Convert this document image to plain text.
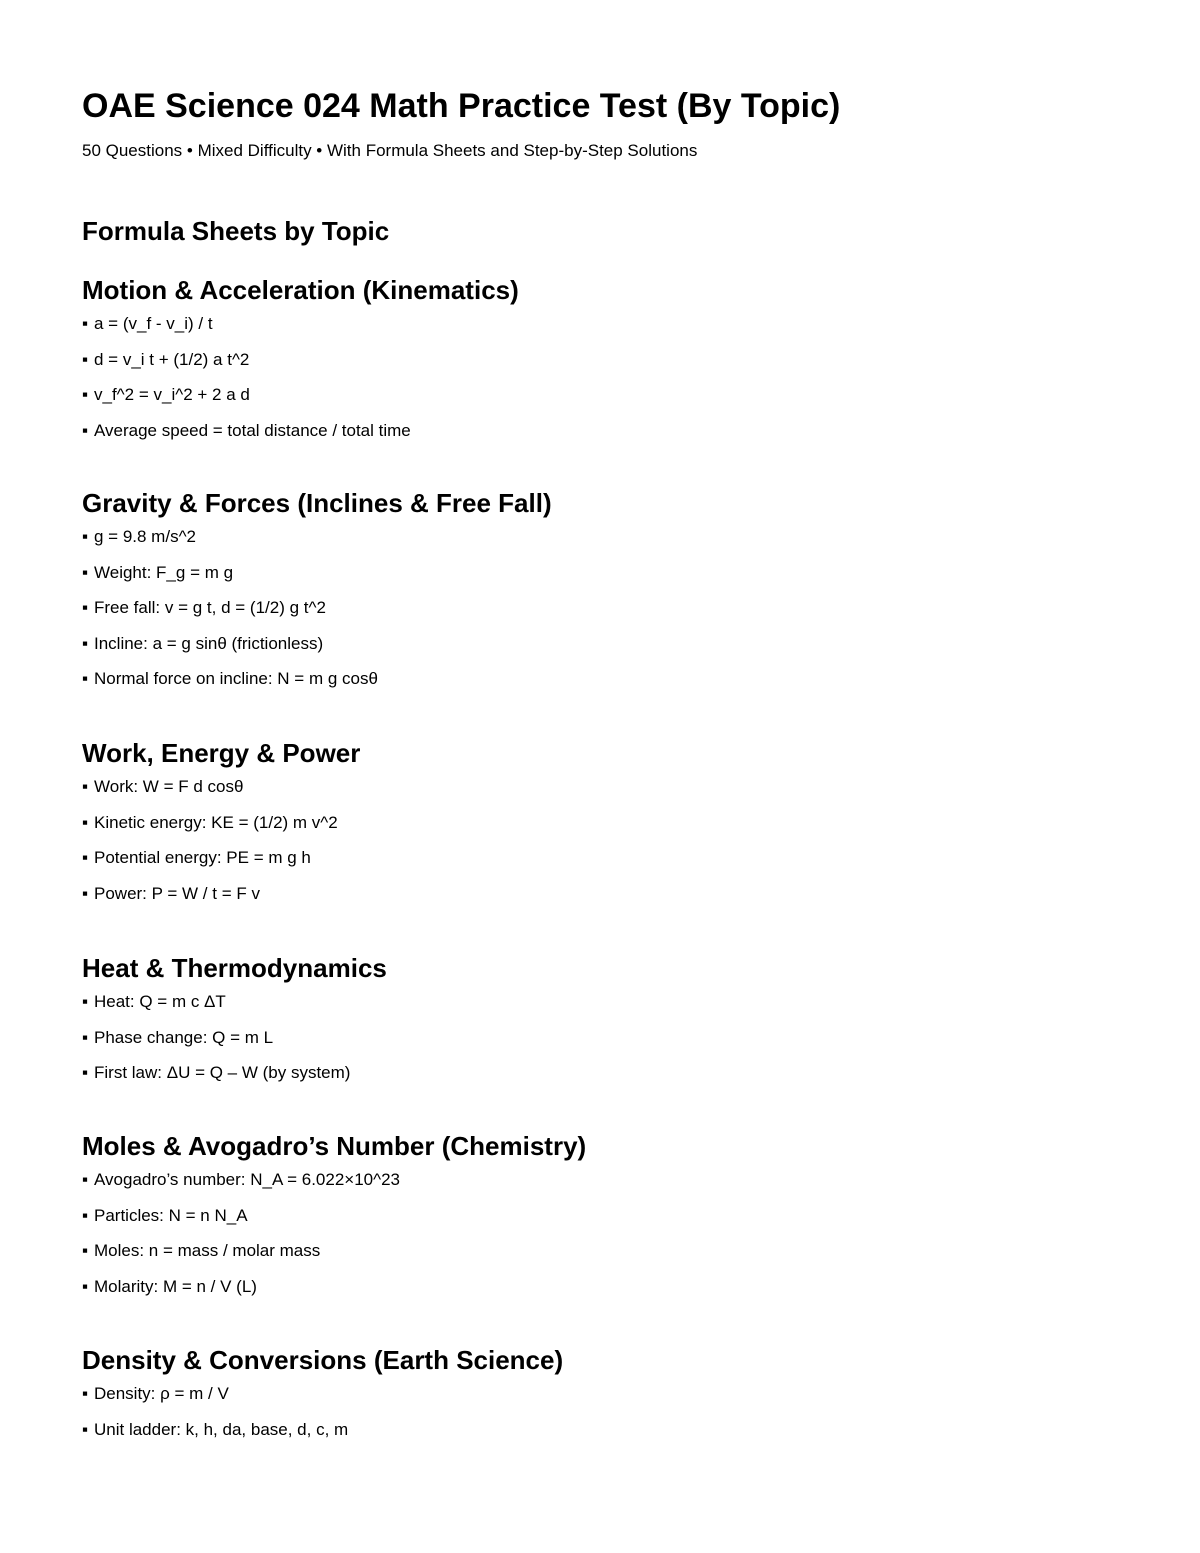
OAE Science 024 Math Practice Test (By Topic)

50 Questions • Mixed Difficulty • With Formula Sheets and Step-by-Step Solutions

Formula Sheets by Topic
Motion & Acceleration (Kinematics)
▪ a = (v_f - v_i) / t
▪ d = v_i t + (1/2) a t^2
▪ v_f^2 = v_i^2 + 2 a d
▪ Average speed = total distance / total time
Gravity & Forces (Inclines & Free Fall)
▪ g = 9.8 m/s^2
▪ Weight: F_g = m g
▪ Free fall: v = g t, d = (1/2) g t^2
▪ Incline: a = g sinθ (frictionless)
▪ Normal force on incline: N = m g cosθ
Work, Energy & Power
▪ Work: W = F d cosθ
▪ Kinetic energy: KE = (1/2) m v^2
▪ Potential energy: PE = m g h
▪ Power: P = W / t = F v
Heat & Thermodynamics
▪ Heat: Q = m c ΔT
▪ Phase change: Q = m L
▪ First law: ΔU = Q – W (by system)
Moles & Avogadro’s Number (Chemistry)
▪ Avogadro’s number: N_A = 6.022×10^23
▪ Particles: N = n N_A
▪ Moles: n = mass / molar mass
▪ Molarity: M = n / V (L)
Density & Conversions (Earth Science)
▪ Density: ρ = m / V
▪ Unit ladder: k, h, da, base, d, c, m
